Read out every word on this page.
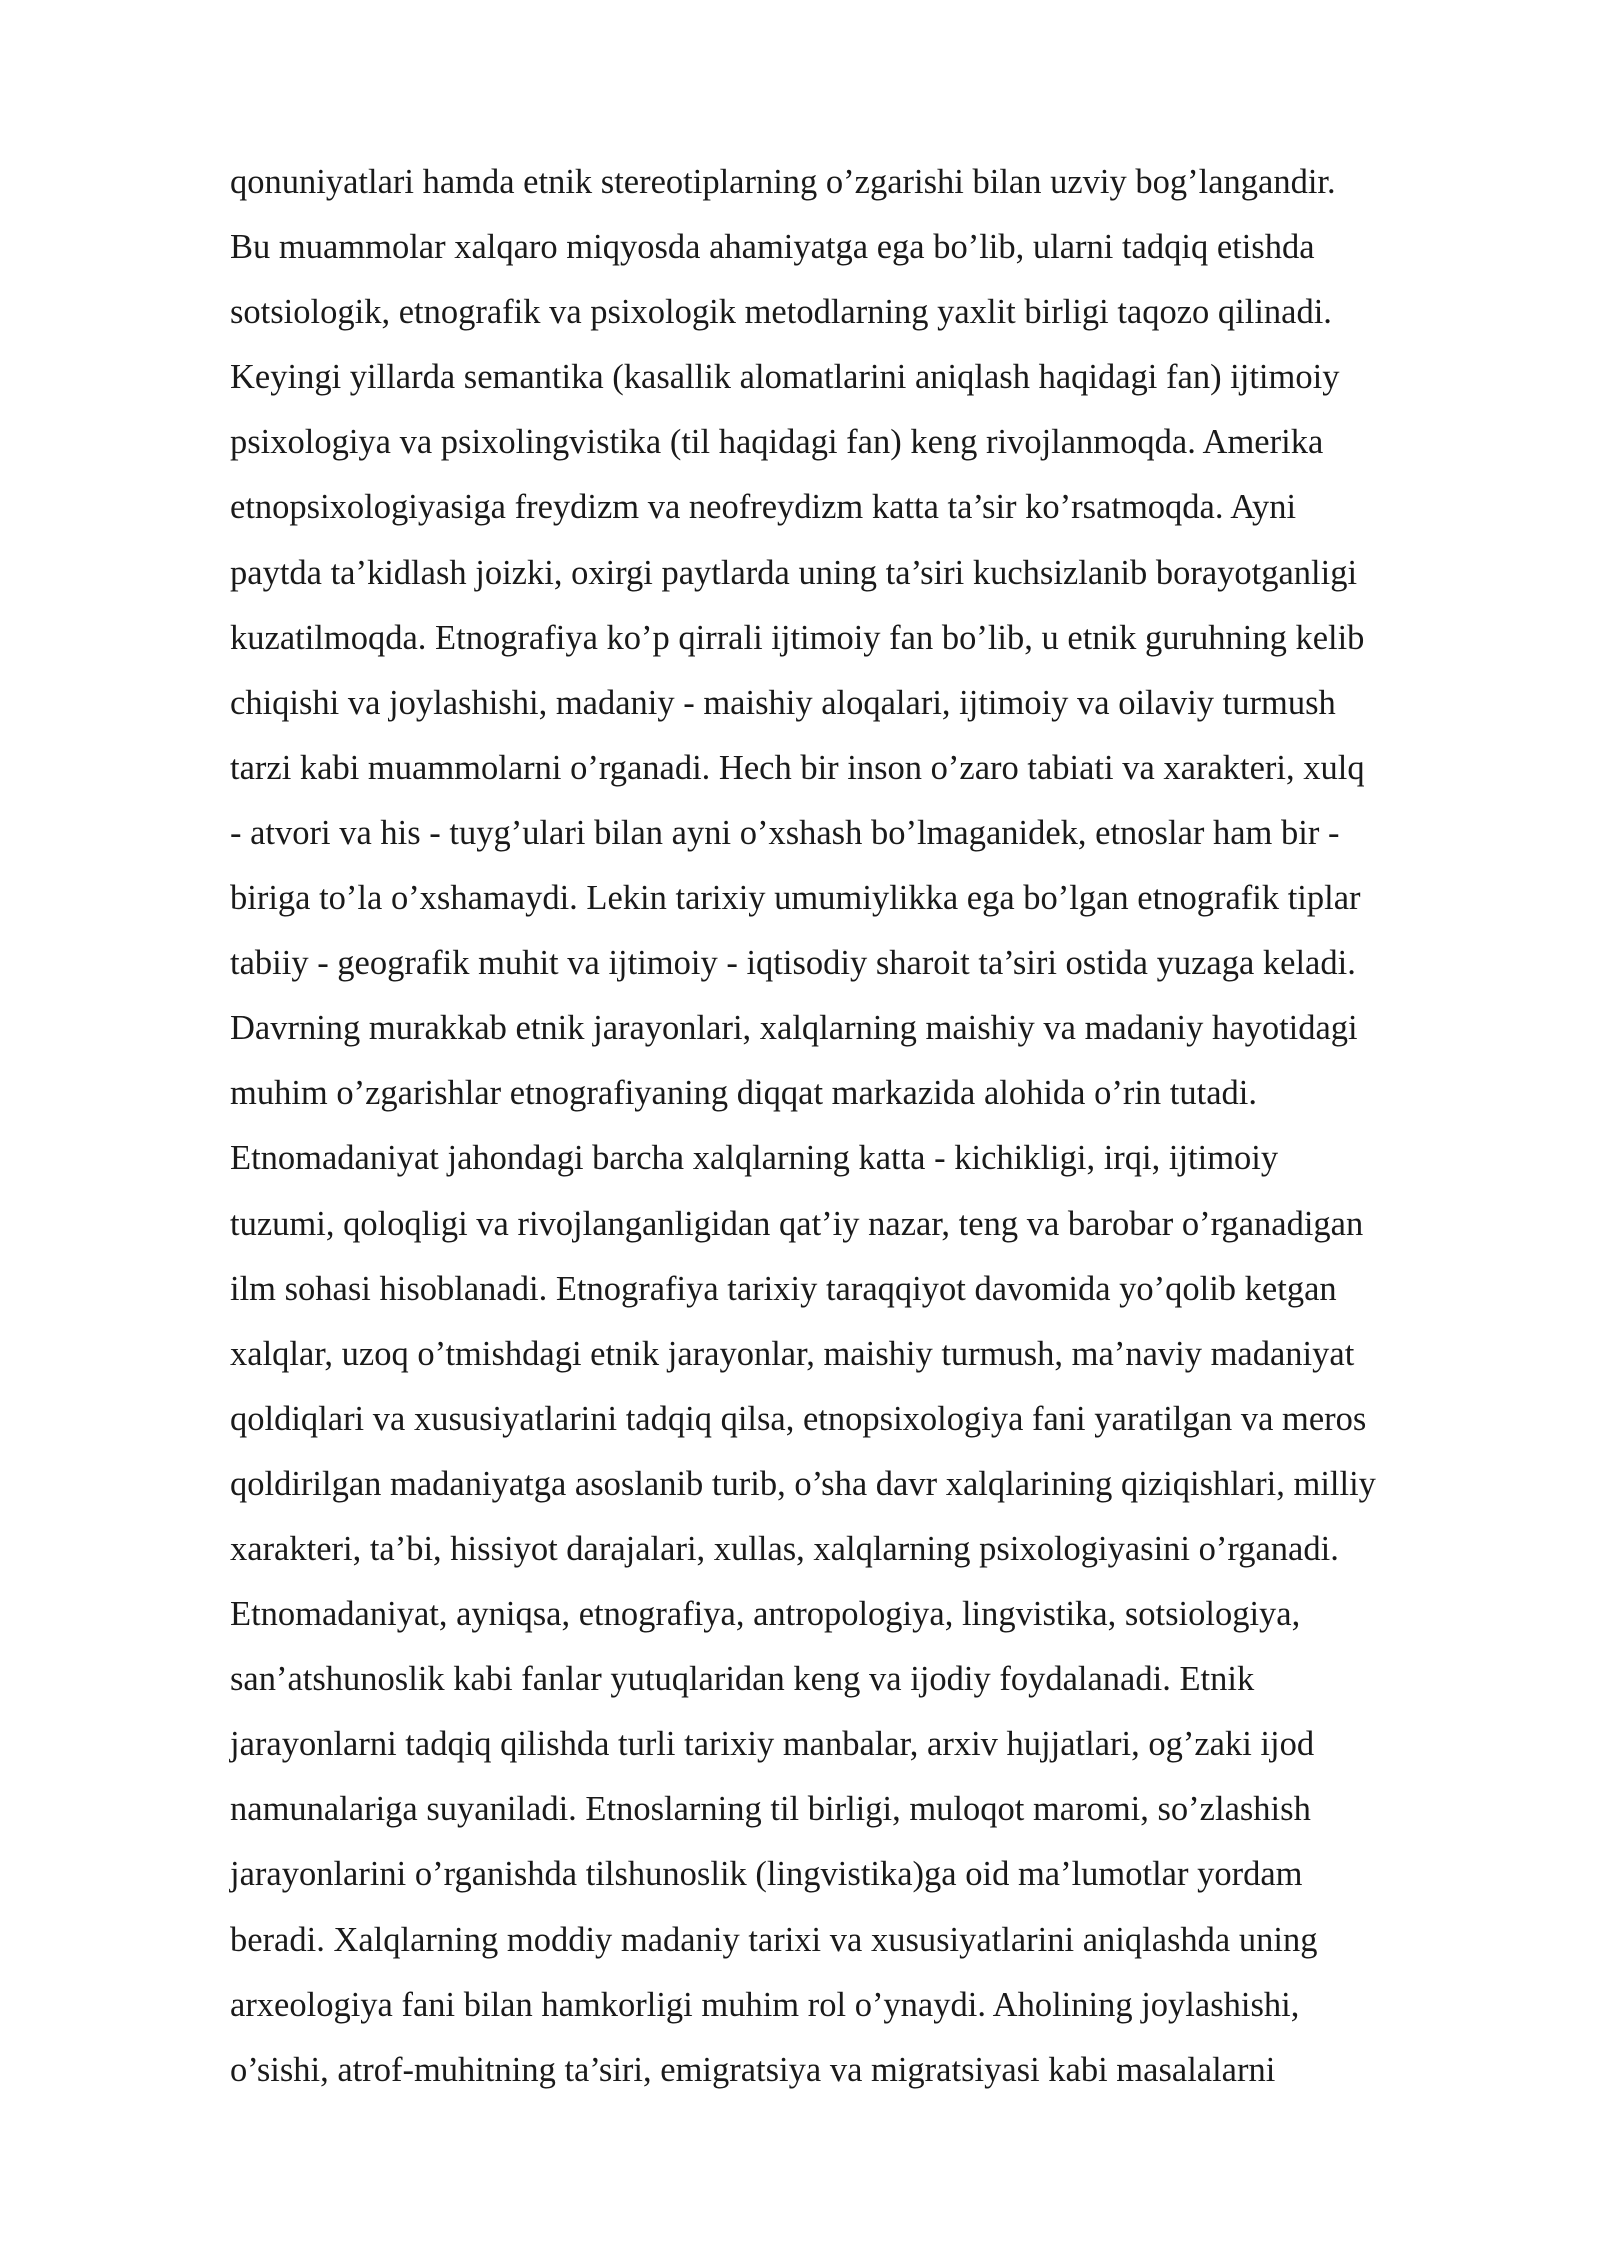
qonuniyatlari hamda etnik stereotiplarning o’zgarishi bilan uzviy bog’langandir.
Bu muammolar xalqaro miqyosda ahamiyatga ega bo’lib, ularni tadqiq etishda
sotsiologik, etnografik va psixologik metodlarning yaxlit birligi taqozo qilinadi.
Keyingi yillarda semantika (kasallik alomatlarini aniqlash haqidagi fan) ijtimoiy
psixologiya va psixolingvistika (til haqidagi fan) keng rivojlanmoqda. Amerika
etnopsixologiyasiga freydizm va neofreydizm katta ta’sir ko’rsatmoqda. Ayni
paytda ta’kidlash joizki, oxirgi paytlarda uning ta’siri kuchsizlanib borayotganligi
kuzatilmoqda. Etnografiya ko’p qirrali ijtimoiy fan bo’lib, u etnik guruhning kelib
chiqishi va joylashishi, madaniy - maishiy aloqalari, ijtimoiy va oilaviy turmush
tarzi kabi muammolarni o’rganadi. Hech bir inson o’zaro tabiati va xarakteri, xulq
- atvori va his - tuyg’ulari bilan ayni o’xshash bo’lmaganidek, etnoslar ham bir -
biriga to’la o’xshamaydi. Lekin tarixiy umumiylikka ega bo’lgan etnografik tiplar
tabiiy - geografik muhit va ijtimoiy - iqtisodiy sharoit ta’siri ostida yuzaga keladi.
Davrning murakkab etnik jarayonlari, xalqlarning maishiy va madaniy hayotidagi
muhim o’zgarishlar etnografiyaning diqqat markazida alohida o’rin tutadi.
Etnomadaniyat jahondagi barcha xalqlarning katta - kichikligi, irqi, ijtimoiy
tuzumi, qoloqligi va rivojlanganligidan qat’iy nazar, teng va barobar o’rganadigan
ilm sohasi hisoblanadi. Etnografiya tarixiy taraqqiyot davomida yo’qolib ketgan
xalqlar, uzoq o’tmishdagi etnik jarayonlar, maishiy turmush, ma’naviy madaniyat
qoldiqlari va xususiyatlarini tadqiq qilsa, etnopsixologiya fani yaratilgan va meros
qoldirilgan madaniyatga asoslanib turib, o’sha davr xalqlarining qiziqishlari, milliy
xarakteri, ta’bi, hissiyot darajalari, xullas, xalqlarning psixologiyasini o’rganadi.
Etnomadaniyat, ayniqsa, etnografiya, antropologiya, lingvistika, sotsiologiya,
san’atshunoslik kabi fanlar yutuqlaridan keng va ijodiy foydalanadi. Etnik
jarayonlarni tadqiq qilishda turli tarixiy manbalar, arxiv hujjatlari, og’zaki ijod
namunalariga suyaniladi. Etnoslarning til birligi, muloqot maromi, so’zlashish
jarayonlarini o’rganishda tilshunoslik (lingvistika)ga oid ma’lumotlar yordam
beradi. Xalqlarning moddiy madaniy tarixi va xususiyatlarini aniqlashda uning
arxeologiya fani bilan hamkorligi muhim rol o’ynaydi. Aholining joylashishi,
o’sishi, atrof-muhitning ta’siri, emigratsiya va migratsiyasi kabi masalalarni
